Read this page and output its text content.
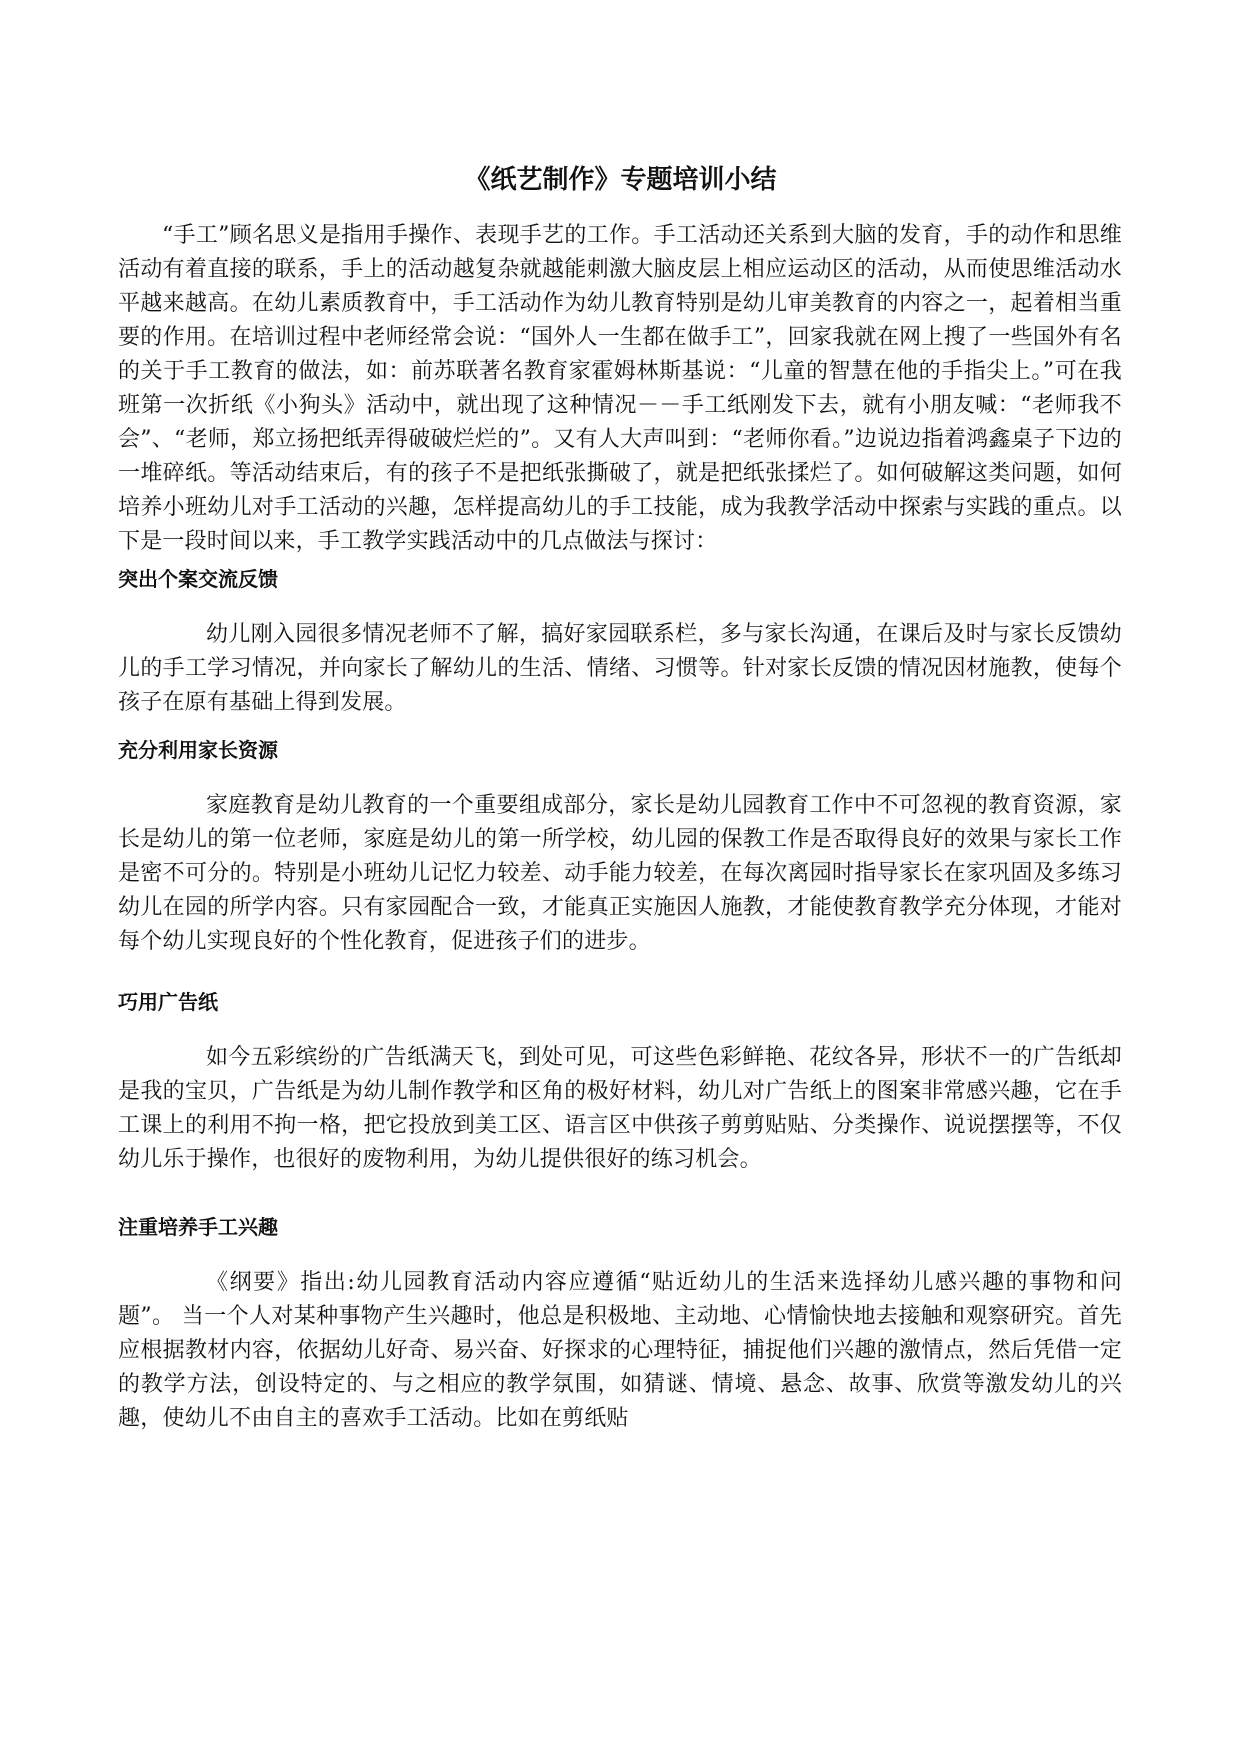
《纸艺制作》专题培训小结

“手工”顾名思义是指用手操作、表现手艺的工作。手工活动还关系到大脑的发育，手的动作和思维活动有着直接的联系，手上的活动越复杂就越能刺激大脑皮层上相应运动区的活动，从而使思维活动水平越来越高。在幼儿素质教育中，手工活动作为幼儿教育特别是幼儿审美教育的内容之一，起着相当重要的作用。在培训过程中老师经常会说：“国外人一生都在做手工”，回家我就在网上搜了一些国外有名的关于手工教育的做法，如：前苏联著名教育家霍姆林斯基说：“儿童的智慧在他的手指尖上。”可在我班第一次折纸《小狗头》活动中，就出现了这种情况－－手工纸刚发下去，就有小朋友喊：“老师我不会”、“老师，郑立扬把纸弄得破破烂烂的”。又有人大声叫到：“老师你看。”边说边指着鸿鑫桌子下边的一堆碎纸。等活动结束后，有的孩子不是把纸张撕破了，就是把纸张揉烂了。如何破解这类问题，如何培养小班幼儿对手工活动的兴趣，怎样提高幼儿的手工技能，成为我教学活动中探索与实践的重点。以下是一段时间以来，手工教学实践活动中的几点做法与探讨：

突出个案交流反馈

幼儿刚入园很多情况老师不了解，搞好家园联系栏，多与家长沟通，在课后及时与家长反馈幼儿的手工学习情况，并向家长了解幼儿的生活、情绪、习惯等。针对家长反馈的情况因材施教，使每个孩子在原有基础上得到发展。

充分利用家长资源

家庭教育是幼儿教育的一个重要组成部分，家长是幼儿园教育工作中不可忽视的教育资源，家长是幼儿的第一位老师，家庭是幼儿的第一所学校，幼儿园的保教工作是否取得良好的效果与家长工作是密不可分的。特别是小班幼儿记忆力较差、动手能力较差，在每次离园时指导家长在家巩固及多练习幼儿在园的所学内容。只有家园配合一致，才能真正实施因人施教，才能使教育教学充分体现，才能对每个幼儿实现良好的个性化教育，促进孩子们的进步。

巧用广告纸

如今五彩缤纷的广告纸满天飞，到处可见，可这些色彩鲜艳、花纹各异，形状不一的广告纸却是我的宝贝，广告纸是为幼儿制作教学和区角的极好材料，幼儿对广告纸上的图案非常感兴趣，它在手工课上的利用不拘一格，把它投放到美工区、语言区中供孩子剪剪贴贴、分类操作、说说摆摆等，不仅幼儿乐于操作，也很好的废物利用，为幼儿提供很好的练习机会。

注重培养手工兴趣

《纲要》指出:幼儿园教育活动内容应遵循“贴近幼儿的生活来选择幼儿感兴趣的事物和问题”。 当一个人对某种事物产生兴趣时，他总是积极地、主动地、心情愉快地去接触和观察研究。首先应根据教材内容，依据幼儿好奇、易兴奋、好探求的心理特征，捕捉他们兴趣的激情点，然后凭借一定的教学方法，创设特定的、与之相应的教学氛围，如猜谜、情境、悬念、故事、欣赏等激发幼儿的兴趣，使幼儿不由自主的喜欢手工活动。比如在剪纸贴
